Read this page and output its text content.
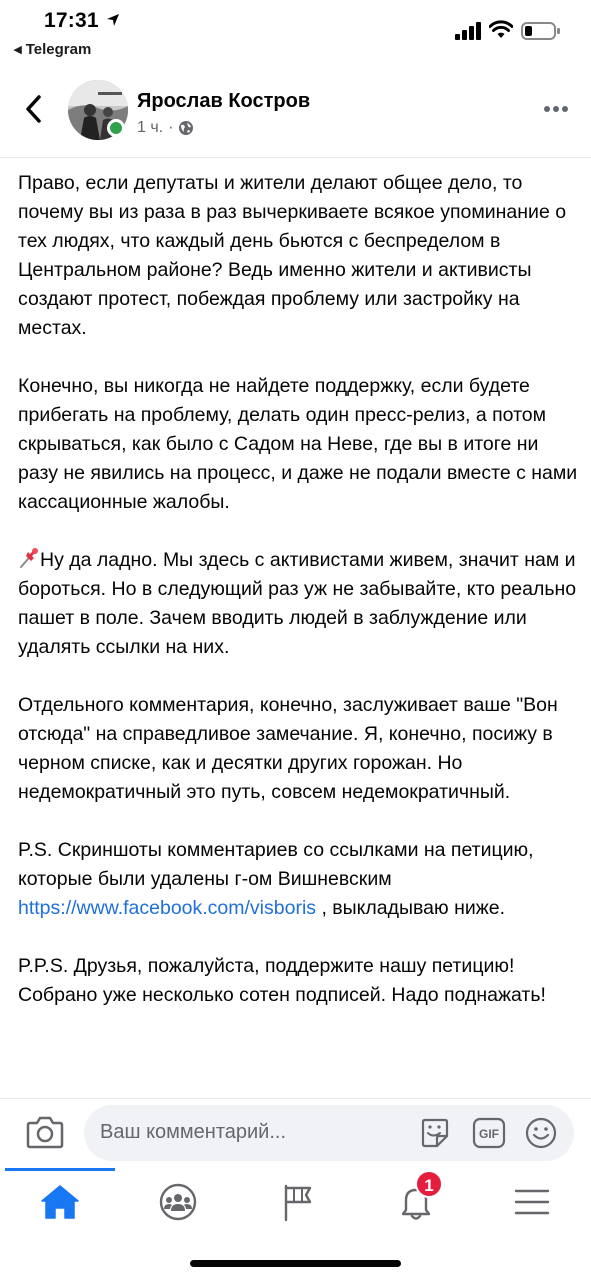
17:31
◂ Telegram
Ярослав Костров
1 ч. ·

Право, если депутаты и жители делают общее дело, то почему вы из раза в раз вычеркиваете всякое упоминание о тех людях, что каждый день бьются с беспределом в Центральном районе? Ведь именно жители и активисты создают протест, побеждая проблему или застройку на местах.

Конечно, вы никогда не найдете поддержку, если будете прибегать на проблему, делать один пресс-релиз, а потом скрываться, как было с Садом на Неве, где вы в итоге ни разу не явились на процесс, и даже не подали вместе с нами кассационные жалобы.

Ну да ладно. Мы здесь с активистами живем, значит нам и бороться. Но в следующий раз уж не забывайте, кто реально пашет в поле. Зачем вводить людей в заблуждение или удалять ссылки на них.

Отдельного комментария, конечно, заслуживает ваше "Вон отсюда" на справедливое замечание. Я, конечно, посижу в черном списке, как и десятки других горожан. Но недемократичный это путь, совсем недемократичный.

P.S. Скриншоты комментариев со ссылками на петицию, которые были удалены г-ом Вишневским https://www.facebook.com/visboris , выкладываю ниже.

P.P.S. Друзья, пожалуйста, поддержите нашу петицию! Собрано уже несколько сотен подписей. Надо поднажать!

Ваш комментарий...	GIF
1
